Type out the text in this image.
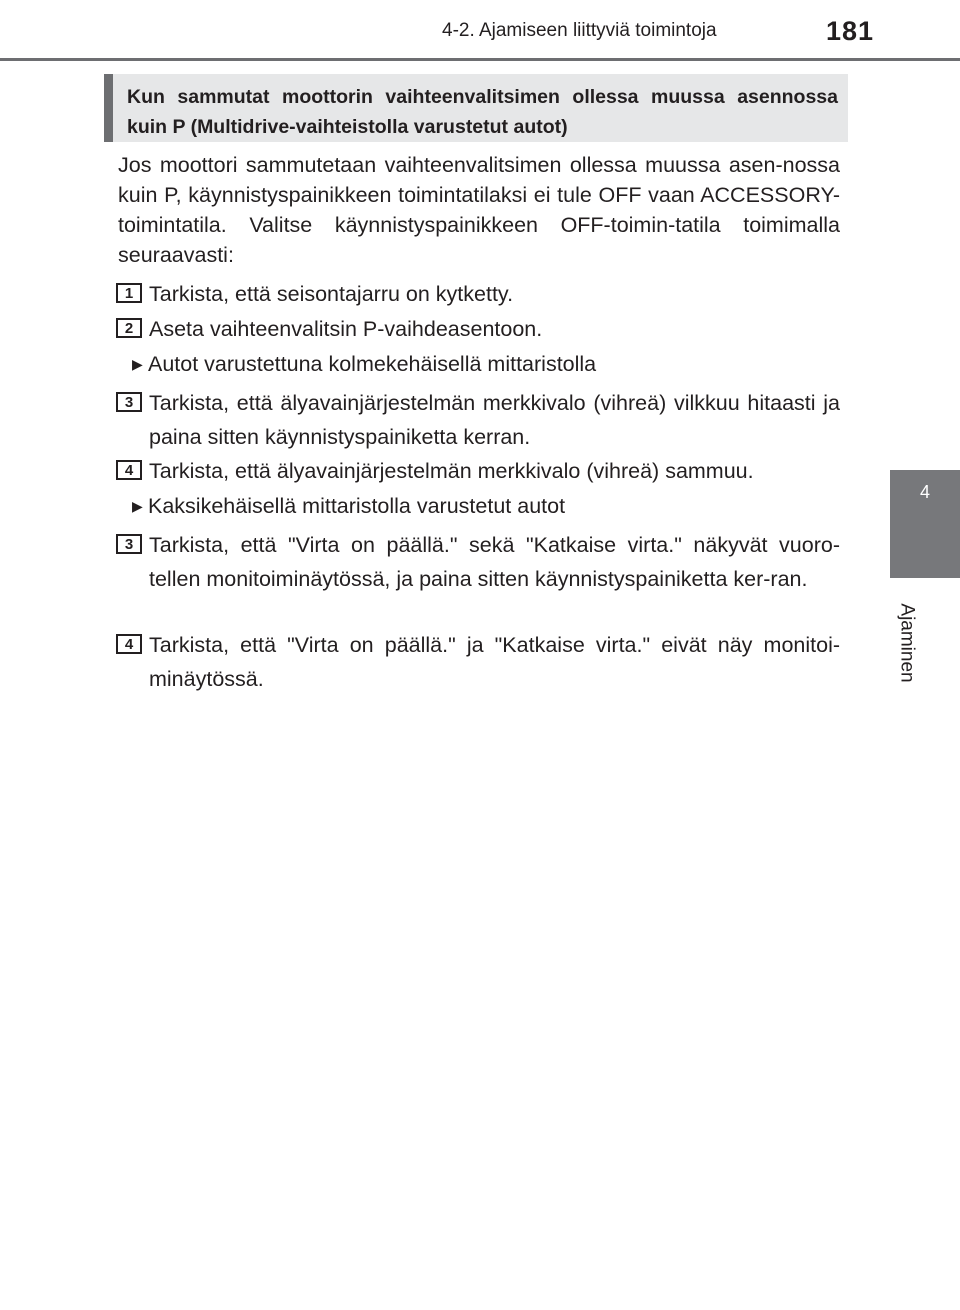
4-2. Ajamiseen liittyviä toimintoja	181
4
Ajaminen
Kun sammutat moottorin vaihteenvalitsimen ollessa muussa asennossa kuin P (Multidrive-vaihteistolla varustetut autot)
Jos moottori sammutetaan vaihteenvalitsimen ollessa muussa asen-nossa kuin P, käynnistyspainikkeen toimintatilaksi ei tule OFF vaan ACCESSORY-toimintatila. Valitse käynnistyspainikkeen OFF-toimin-tatila toimimalla seuraavasti:
1 Tarkista, että seisontajarru on kytketty.
2 Aseta vaihteenvalitsin P-vaihdeasentoon.
▶ Autot varustettuna kolmekehäisellä mittaristolla
3 Tarkista, että älyavainjärjestelmän merkkivalo (vihreä) vilkkuu hitaasti ja paina sitten käynnistyspainiketta kerran.
4 Tarkista, että älyavainjärjestelmän merkkivalo (vihreä) sammuu.
▶ Kaksikehäisellä mittaristolla varustetut autot
3 Tarkista, että "Virta on päällä." sekä "Katkaise virta." näkyvät vuoro-tellen monitoiminäytössä, ja paina sitten käynnistyspainiketta ker-ran.
4 Tarkista, että "Virta on päällä." ja "Katkaise virta." eivät näy monitoi-minäytössä.
